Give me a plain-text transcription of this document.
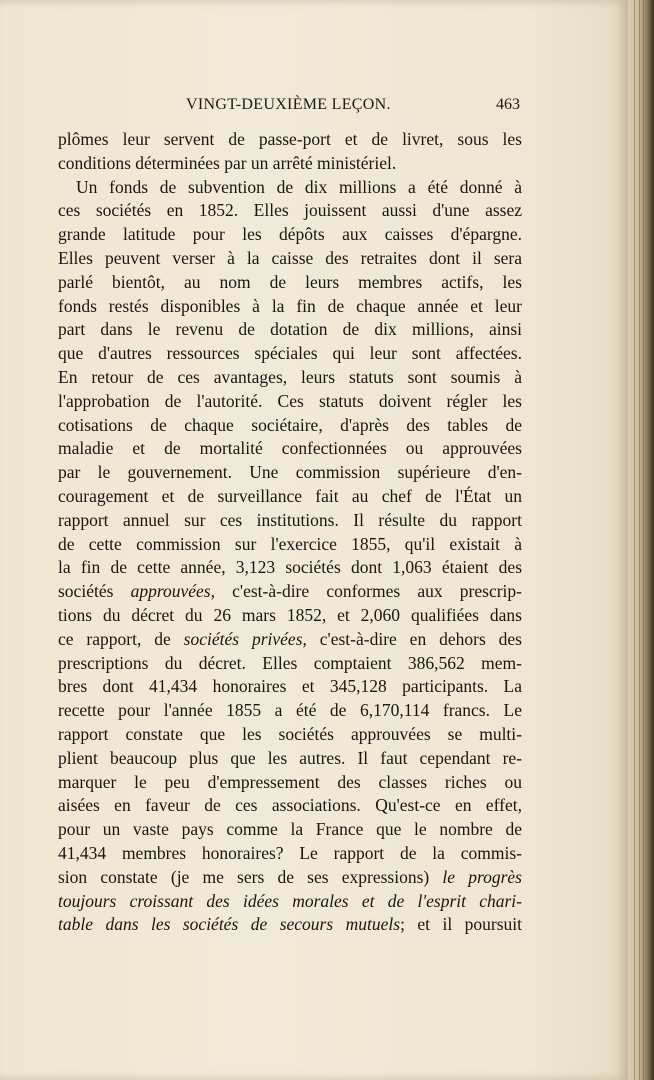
VINGT-DEUXIÈME LEÇON.	463
plômes leur servent de passe-port et de livret, sous les
conditions déterminées par un arrêté ministériel.
Un fonds de subvention de dix millions a été donné à
ces sociétés en 1852. Elles jouissent aussi d'une assez
grande latitude pour les dépôts aux caisses d'épargne.
Elles peuvent verser à la caisse des retraites dont il sera
parlé bientôt, au nom de leurs membres actifs, les
fonds restés disponibles à la fin de chaque année et leur
part dans le revenu de dotation de dix millions, ainsi
que d'autres ressources spéciales qui leur sont affectées.
En retour de ces avantages, leurs statuts sont soumis à
l'approbation de l'autorité. Ces statuts doivent régler les
cotisations de chaque sociétaire, d'après des tables de
maladie et de mortalité confectionnées ou approuvées
par le gouvernement. Une commission supérieure d'en-
couragement et de surveillance fait au chef de l'État un
rapport annuel sur ces institutions. Il résulte du rapport
de cette commission sur l'exercice 1855, qu'il existait à
la fin de cette année, 3,123 sociétés dont 1,063 étaient des
sociétés approuvées, c'est-à-dire conformes aux prescrip-
tions du décret du 26 mars 1852, et 2,060 qualifiées dans
ce rapport, de sociétés privées, c'est-à-dire en dehors des
prescriptions du décret. Elles comptaient 386,562 mem-
bres dont 41,434 honoraires et 345,128 participants. La
recette pour l'année 1855 a été de 6,170,114 francs. Le
rapport constate que les sociétés approuvées se multi-
plient beaucoup plus que les autres. Il faut cependant re-
marquer le peu d'empressement des classes riches ou
aisées en faveur de ces associations. Qu'est-ce en effet,
pour un vaste pays comme la France que le nombre de
41,434 membres honoraires? Le rapport de la commis-
sion constate (je me sers de ses expressions) le progrès
toujours croissant des idées morales et de l'esprit chari-
table dans les sociétés de secours mutuels; et il poursuit
